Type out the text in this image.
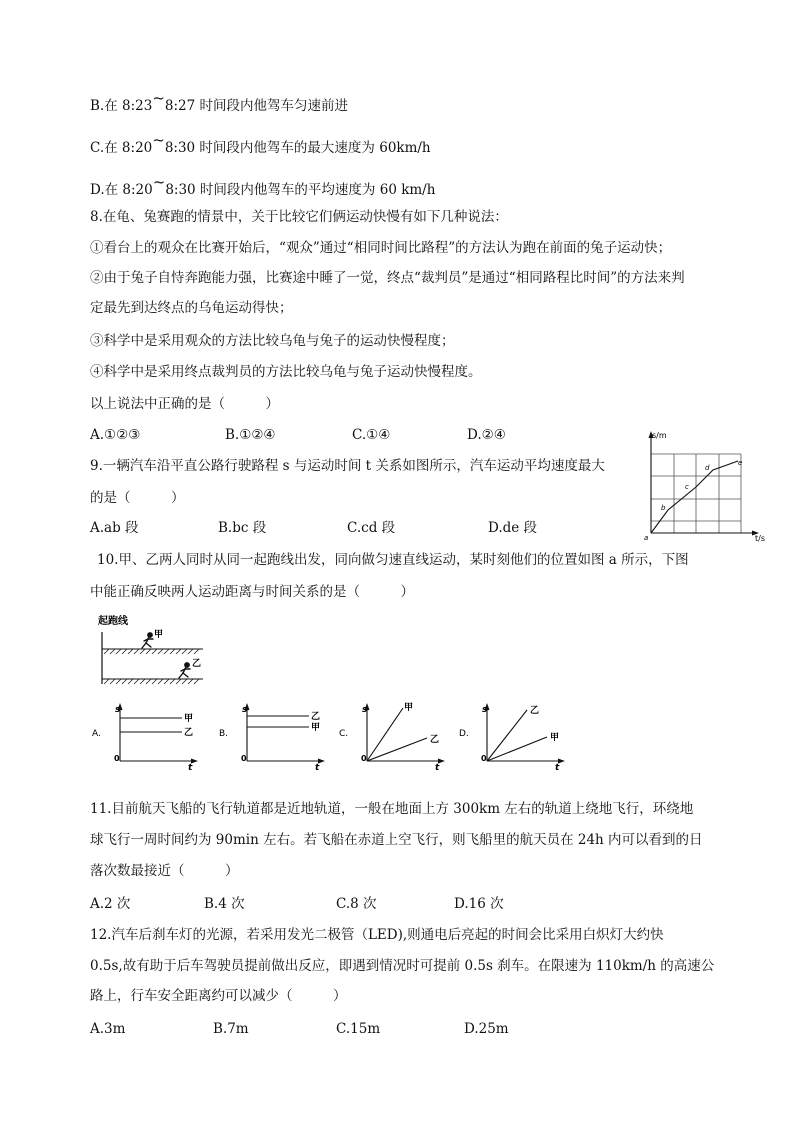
B.在 8:23~8:27 时间段内他驾车匀速前进
C.在 8:20~8:30 时间段内他驾车的最大速度为 60km/h
D.在 8:20~8:30 时间段内他驾车的平均速度为 60 km/h
8.在龟、兔赛跑的情景中，关于比较它们俩运动快慢有如下几种说法：
①看台上的观众在比赛开始后，“观众”通过“相同时间比路程”的方法认为跑在前面的兔子运动快；
②由于兔子自恃奔跑能力强，比赛途中睡了一觉，终点“裁判员”是通过“相同路程比时间”的方法来判
定最先到达终点的乌龟运动得快；
③科学中是采用观众的方法比较乌龟与兔子的运动快慢程度；
④科学中是采用终点裁判员的方法比较乌龟与兔子运动快慢程度。
以上说法中正确的是（　　　）
A.①②③	B.①②④	C.①④	D.②④
9.一辆汽车沿平直公路行驶路程 s 与运动时间 t 关系如图所示，汽车运动平均速度最大
的是（　　　）
A.ab 段	B.bc 段	C.cd 段	D.de 段
s/m
t/s
a
b
c
d
e
10.甲、乙两人同时从同一起跑线出发，同向做匀速直线运动，某时刻他们的位置如图 a 所示，下图
中能正确反映两人运动距离与时间关系的是（　　　）
起跑线
甲
乙
A.
s
t
0
甲
乙	B.
s
t
0
乙
甲
C.
s
t
0
甲
乙
D.
s
t
0
乙
甲
11.目前航天飞船的飞行轨道都是近地轨道，一般在地面上方 300km 左右的轨道上绕地飞行，环绕地
球飞行一周时间约为 90min 左右。若飞船在赤道上空飞行，则飞船里的航天员在 24h 内可以看到的日
落次数最接近（　　　）
A.2 次	B.4 次	C.8 次	D.16 次
12.汽车后刹车灯的光源，若采用发光二极管（LED),则通电后亮起的时间会比采用白炽灯大约快
0.5s,故有助于后车驾驶员提前做出反应，即遇到情况时可提前 0.5s 刹车。在限速为 110km/h 的高速公
路上，行车安全距离约可以减少（　　　）
A.3m	B.7m	C.15m	D.25m
